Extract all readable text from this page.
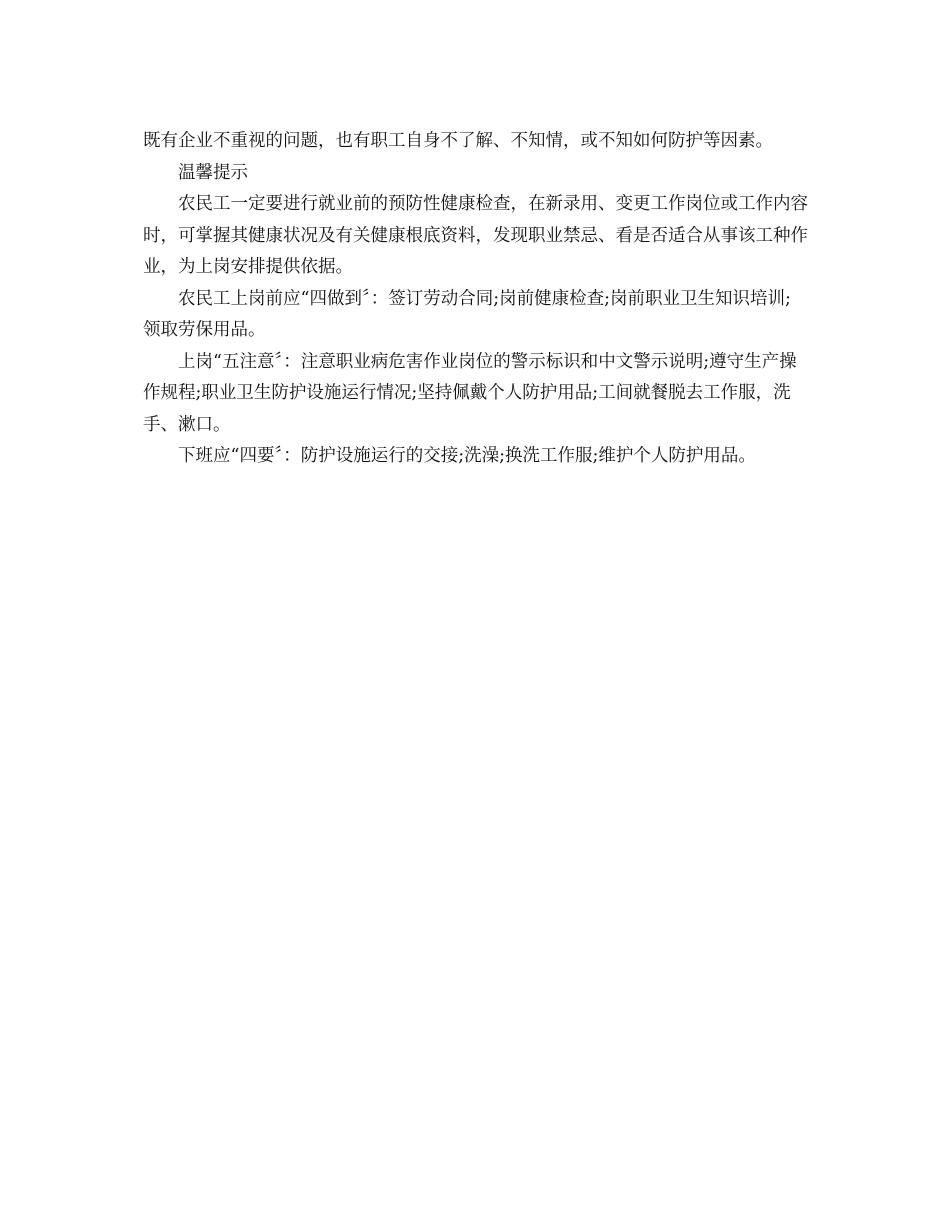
既有企业不重视的问题，也有职工自身不了解、不知情，或不知如何防护等因素。

温馨提示

农民工一定要进行就业前的预防性健康检查，在新录用、变更工作岗位或工作内容时，可掌握其健康状况及有关健康根底资料，发现职业禁忌、看是否适合从事该工种作业，为上岗安排提供依据。

农民工上岗前应“四做到〞：签订劳动合同;岗前健康检查;岗前职业卫生知识培训;领取劳保用品。

上岗“五注意〞：注意职业病危害作业岗位的警示标识和中文警示说明;遵守生产操作规程;职业卫生防护设施运行情况;坚持佩戴个人防护用品;工间就餐脱去工作服，洗手、漱口。

下班应“四要〞：防护设施运行的交接;洗澡;换洗工作服;维护个人防护用品。
